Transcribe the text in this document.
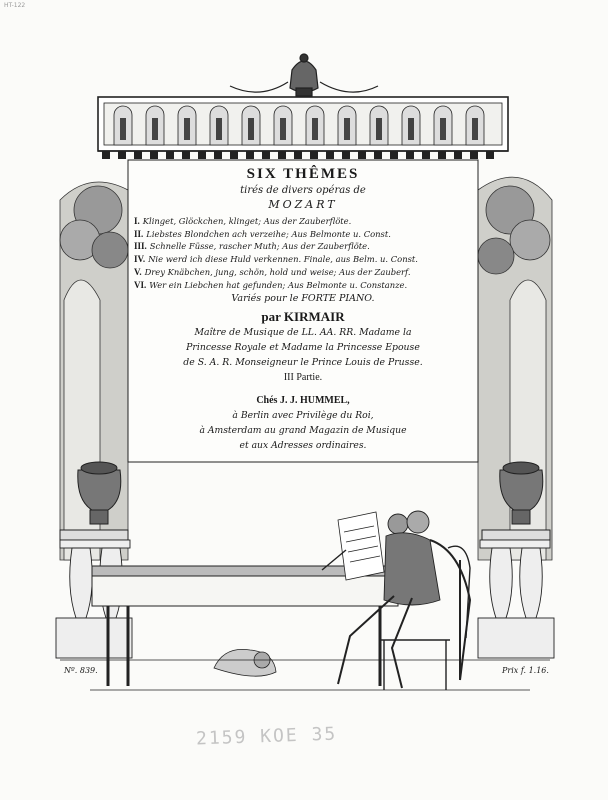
HT-122
SIX THÊMES
tirés de divers opéras de
MOZART
I. Klinget, Glöckchen, klinget; Aus der Zauberflöte.
II. Liebstes Blondchen ach verzeihe; Aus Belmonte u. Const.
III. Schnelle Füsse, rascher Muth; Aus der Zauberflöte.
IV. Nie werd ich diese Huld verkennen. Finale, aus Belm. u. Const.
V. Drey Knäbchen, jung, schön, hold und weise; Aus der Zauberf.
VI. Wer ein Liebchen hat gefunden; Aus Belmonte u. Constanze.
Variés pour le FORTE PIANO.
par KIRMAIR
Maître de Musique de LL. AA. RR. Madame la
Princesse Royale et Madame la Princesse Epouse
de S. A. R. Monseigneur le Prince Louis de Prusse.
III Partie.
Chés J. J. HUMMEL,
à Berlin avec Privilège du Roi,
à Amsterdam au grand Magazin de Musique
et aux Adresses ordinaires.
Nº. 839.	Prix f. 1.16.
2159 KOE 35
